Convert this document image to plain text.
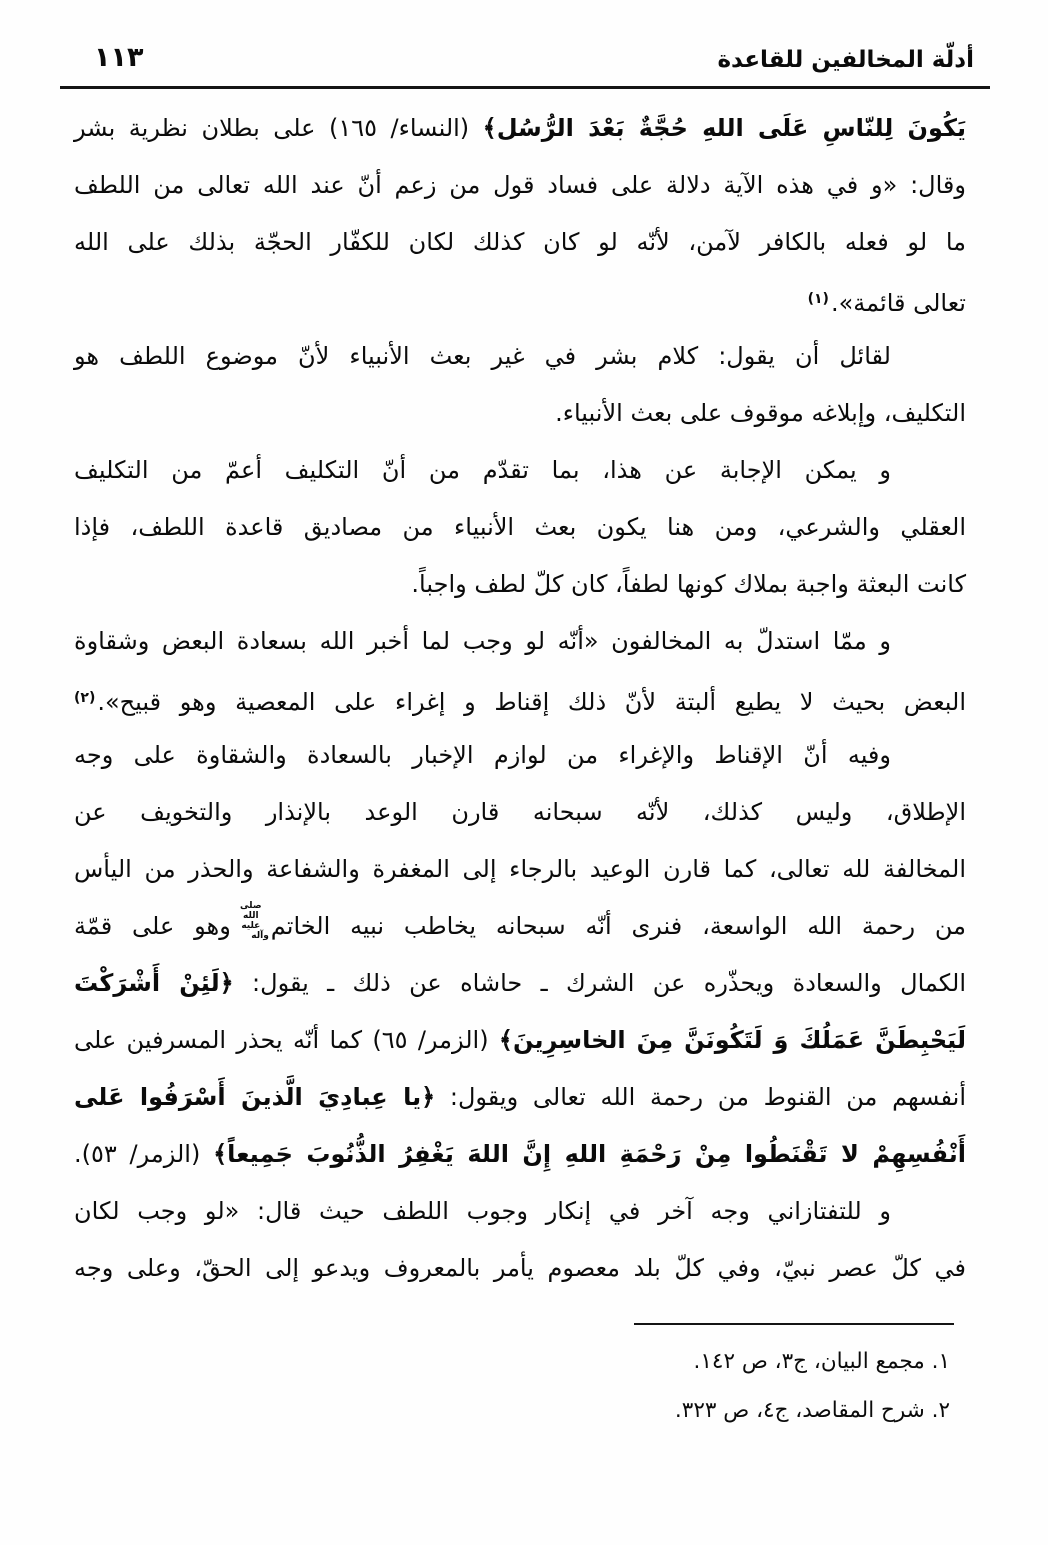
١١٣	أدلّة المخالفين للقاعدة
يَكُونَ لِلنّاسِ عَلَى اللهِ حُجَّةٌ بَعْدَ الرُّسُل﴾ (النساء/ ١٦٥) على بطلان نظرية بشر
وقال: «و في هذه الآية دلالة على فساد قول من زعم أنّ عند الله تعالى من اللطف
ما لو فعله بالكافر لآمن، لأنّه لو كان كذلك لكان للكفّار الحجّة بذلك على الله
تعالى قائمة».$^{(١)}$
لقائل أن يقول: كلام بشر في غير بعث الأنبياء لأنّ موضوع اللطف هو
التكليف، وإبلاغه موقوف على بعث الأنبياء.
و يمكن الإجابة عن هذا، بما تقدّم من أنّ التكليف أعمّ من التكليف
العقلي والشرعي، ومن هنا يكون بعث الأنبياء من مصاديق قاعدة اللطف، فإذا
كانت البعثة واجبة بملاك كونها لطفاً، كان كلّ لطف واجباً.
و ممّا استدلّ به المخالفون «أنّه لو وجب لما أخبر الله بسعادة البعض وشقاوة
البعض بحيث لا يطيع ألبتة لأنّ ذلك إقناط و إغراء على المعصية وهو قبيح».$^{(٢)}$
وفيه أنّ الإقناط والإغراء من لوازم الإخبار بالسعادة والشقاوة على وجه
الإطلاق، وليس كذلك، لأنّه سبحانه قارن الوعد بالإنذار والتخويف عن
المخالفة لله تعالى، كما قارن الوعيد بالرجاء إلى المغفرة والشفاعة والحذر من اليأس
من رحمة الله الواسعة، فنرى أنّه سبحانه يخاطب نبيه الخاتمصلى الله عليه وآلهوهو على قمّة
الكمال والسعادة ويحذّره عن الشرك ـ حاشاه عن ذلك ـ يقول: ﴿لَئِنْ أَشْرَكْتَ
لَيَحْبِطَنَّ عَمَلُكَ وَ لَتَكُونَنَّ مِنَ الخاسِرِينَ﴾ (الزمر/ ٦٥) كما أنّه يحذر المسرفين على
أنفسهم من القنوط من رحمة الله تعالى ويقول: ﴿يا عِبادِيَ الَّذينَ أَسْرَفُوا عَلى
أَنْفُسِهِمْ لا تَقْنَطُوا مِنْ رَحْمَةِ اللهِ إِنَّ اللهَ يَغْفِرُ الذُّنُوبَ جَمِيعاً﴾ (الزمر/ ٥٣).
و للتفتازاني وجه آخر في إنكار وجوب اللطف حيث قال: «لو وجب لكان
في كلّ عصر نبيّ، وفي كلّ بلد معصوم يأمر بالمعروف ويدعو إلى الحقّ، وعلى وجه
١. مجمع البيان، ج٣، ص ١٤٢.
٢. شرح المقاصد، ج٤، ص ٣٢٣.
